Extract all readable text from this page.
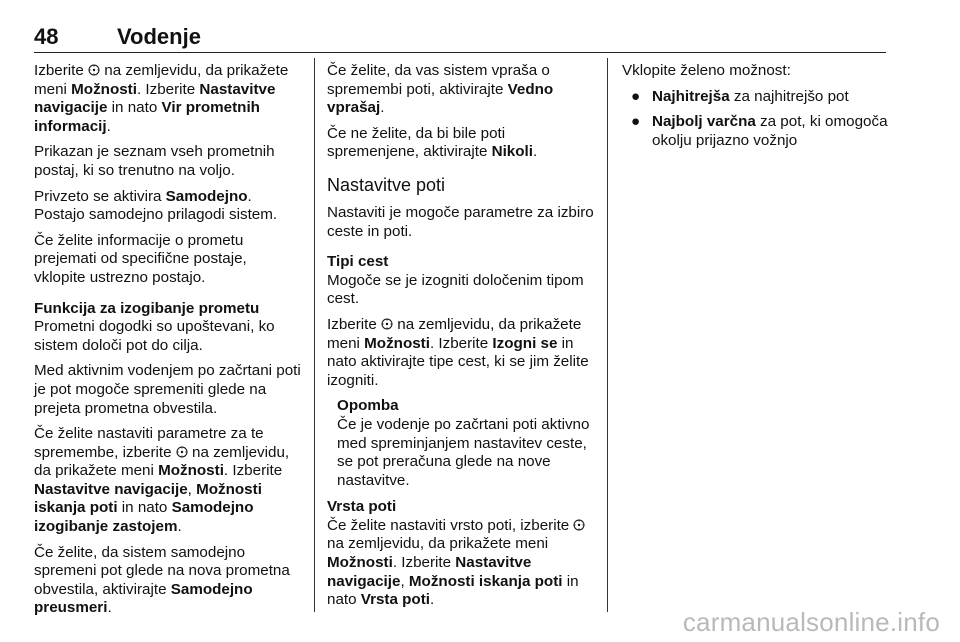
48	Vodenje

Izberite  na zemljevidu, da prikažete meni Možnosti. Izberite Nastavitve navigacije in nato Vir prometnih informacij.

Prikazan je seznam vseh prometnih postaj, ki so trenutno na voljo.

Privzeto se aktivira Samodejno. Postajo samodejno prilagodi sistem.

Če želite informacije o prometu prejemati od specifične postaje, vklopite ustrezno postajo.

Funkcija za izogibanje prometu

Prometni dogodki so upoštevani, ko sistem določi pot do cilja.

Med aktivnim vodenjem po začrtani poti je pot mogoče spremeniti glede na prejeta prometna obvestila.

Če želite nastaviti parametre za te spremembe, izberite  na zemljevidu, da prikažete meni Možnosti. Izberite Nastavitve navigacije, Možnosti iskanja poti in nato Samodejno izogibanje zastojem.

Če želite, da sistem samodejno spremeni pot glede na nova prometna obvestila, aktivirajte Samodejno preusmeri.

Če želite, da vas sistem vpraša o spremembi poti, aktivirajte Vedno vprašaj.

Če ne želite, da bi bile poti spremenjene, aktivirajte Nikoli.

Nastavitve poti

Nastaviti je mogoče parametre za izbiro ceste in poti.

Tipi cest

Mogoče se je izogniti določenim tipom cest.

Izberite  na zemljevidu, da prikažete meni Možnosti. Izberite Izogni se in nato aktivirajte tipe cest, ki se jim želite izogniti.

Opomba

Če je vodenje po začrtani poti aktivno med spreminjanjem nastavitev ceste, se pot preračuna glede na nove nastavitve.

Vrsta poti

Če želite nastaviti vrsto poti, izberite  na zemljevidu, da prikažete meni Možnosti. Izberite Nastavitve navigacije, Možnosti iskanja poti in nato Vrsta poti.

Vklopite želeno možnost:

● Najhitrejša za najhitrejšo pot
● Najbolj varčna za pot, ki omogoča okolju prijazno vožnjo
carmanualsonline.info
